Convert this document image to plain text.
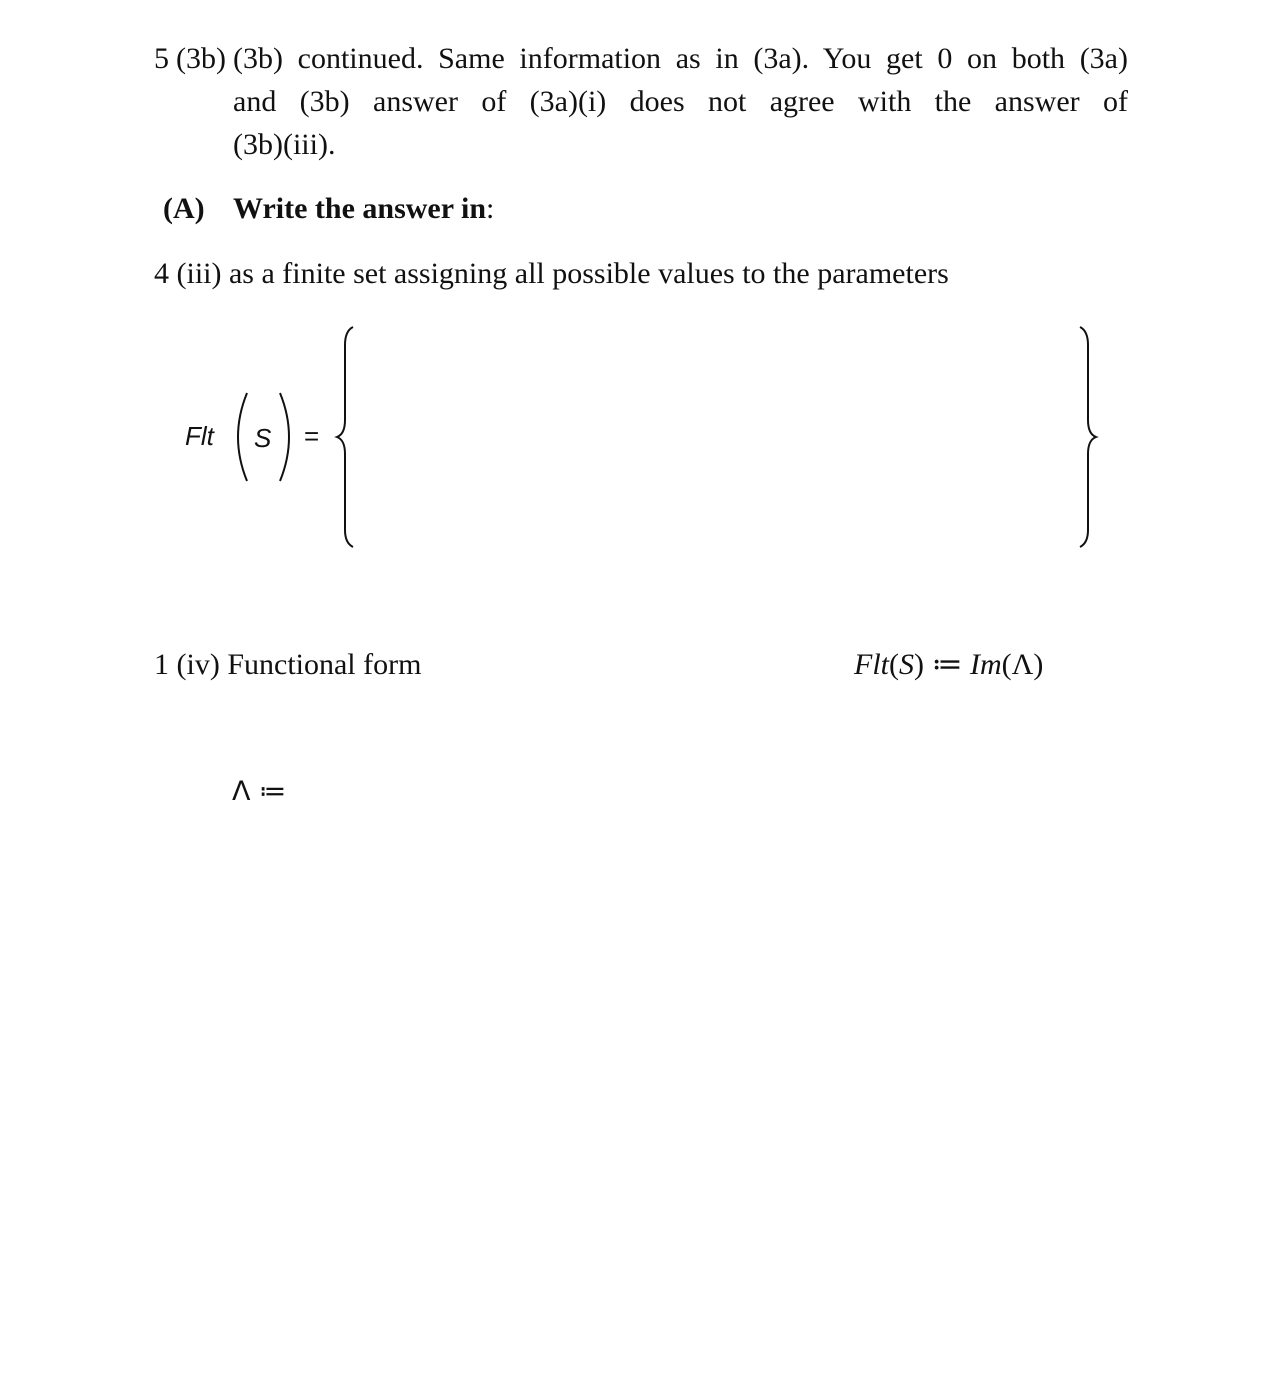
5 (3b) (3b) continued. Same information as in (3a). You get 0 on both (3a)
and (3b) answer of (3a)(i) does not agree with the answer of
(3b)(iii).
(A) Write the answer in:
4 (iii) as a finite set assigning all possible values to the parameters
Flt S =
1 (iv) Functional form	Flt(S) ≔ Im(Λ)
Λ ≔
